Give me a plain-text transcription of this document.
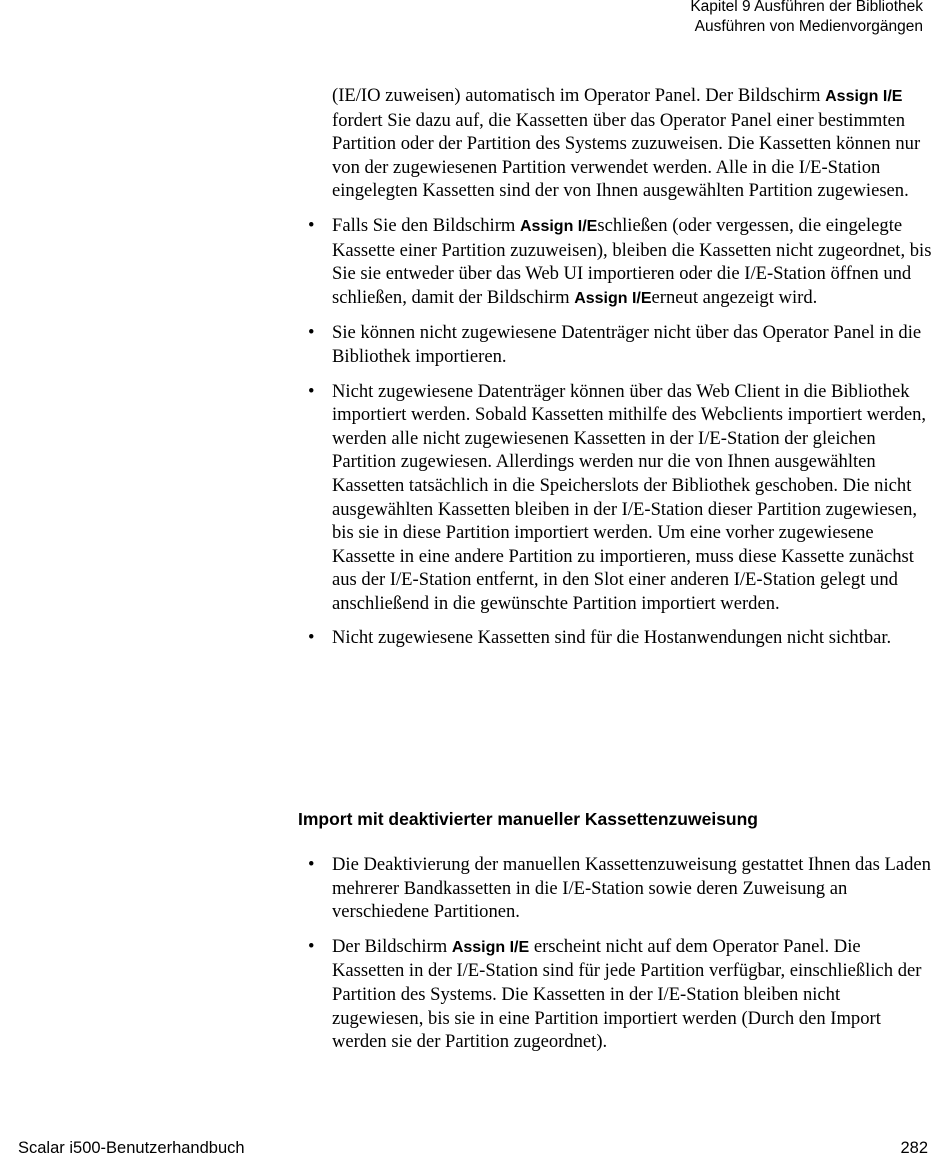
Kapitel 9 Ausführen der Bibliothek
Ausführen von Medienvorgängen

(IE/IO zuweisen) automatisch im Operator Panel. Der Bildschirm Assign I/E fordert Sie dazu auf, die Kassetten über das Operator Panel einer bestimmten Partition oder der Partition des Systems zuzuweisen. Die Kassetten können nur von der zugewiesenen Partition verwendet werden. Alle in die I/E-Station eingelegten Kassetten sind der von Ihnen ausgewählten Partition zugewiesen.

• Falls Sie den Bildschirm Assign I/Eschließen (oder vergessen, die eingelegte Kassette einer Partition zuzuweisen), bleiben die Kassetten nicht zugeordnet, bis Sie sie entweder über das Web UI importieren oder die I/E-Station öffnen und schließen, damit der Bildschirm Assign I/Eerneut angezeigt wird.
• Sie können nicht zugewiesene Datenträger nicht über das Operator Panel in die Bibliothek importieren.
• Nicht zugewiesene Datenträger können über das Web Client in die Bibliothek importiert werden. Sobald Kassetten mithilfe des Webclients importiert werden, werden alle nicht zugewiesenen Kassetten in der I/E-Station der gleichen Partition zugewiesen. Allerdings werden nur die von Ihnen ausgewählten Kassetten tatsächlich in die Speicherslots der Bibliothek geschoben. Die nicht ausgewählten Kassetten bleiben in der I/E-Station dieser Partition zugewiesen, bis sie in diese Partition importiert werden. Um eine vorher zugewiesene Kassette in eine andere Partition zu importieren, muss diese Kassette zunächst aus der I/E-Station entfernt, in den Slot einer anderen I/E-Station gelegt und anschließend in die gewünschte Partition importiert werden.
• Nicht zugewiesene Kassetten sind für die Hostanwendungen nicht sichtbar.
Import mit deaktivierter manueller Kassettenzuweisung
• Die Deaktivierung der manuellen Kassettenzuweisung gestattet Ihnen das Laden mehrerer Bandkassetten in die I/E-Station sowie deren Zuweisung an verschiedene Partitionen.
• Der Bildschirm Assign I/E erscheint nicht auf dem Operator Panel. Die Kassetten in der I/E-Station sind für jede Partition verfügbar, einschließlich der Partition des Systems. Die Kassetten in der I/E-Station bleiben nicht zugewiesen, bis sie in eine Partition importiert werden (Durch den Import werden sie der Partition zugeordnet).
Scalar i500-Benutzerhandbuch	282
